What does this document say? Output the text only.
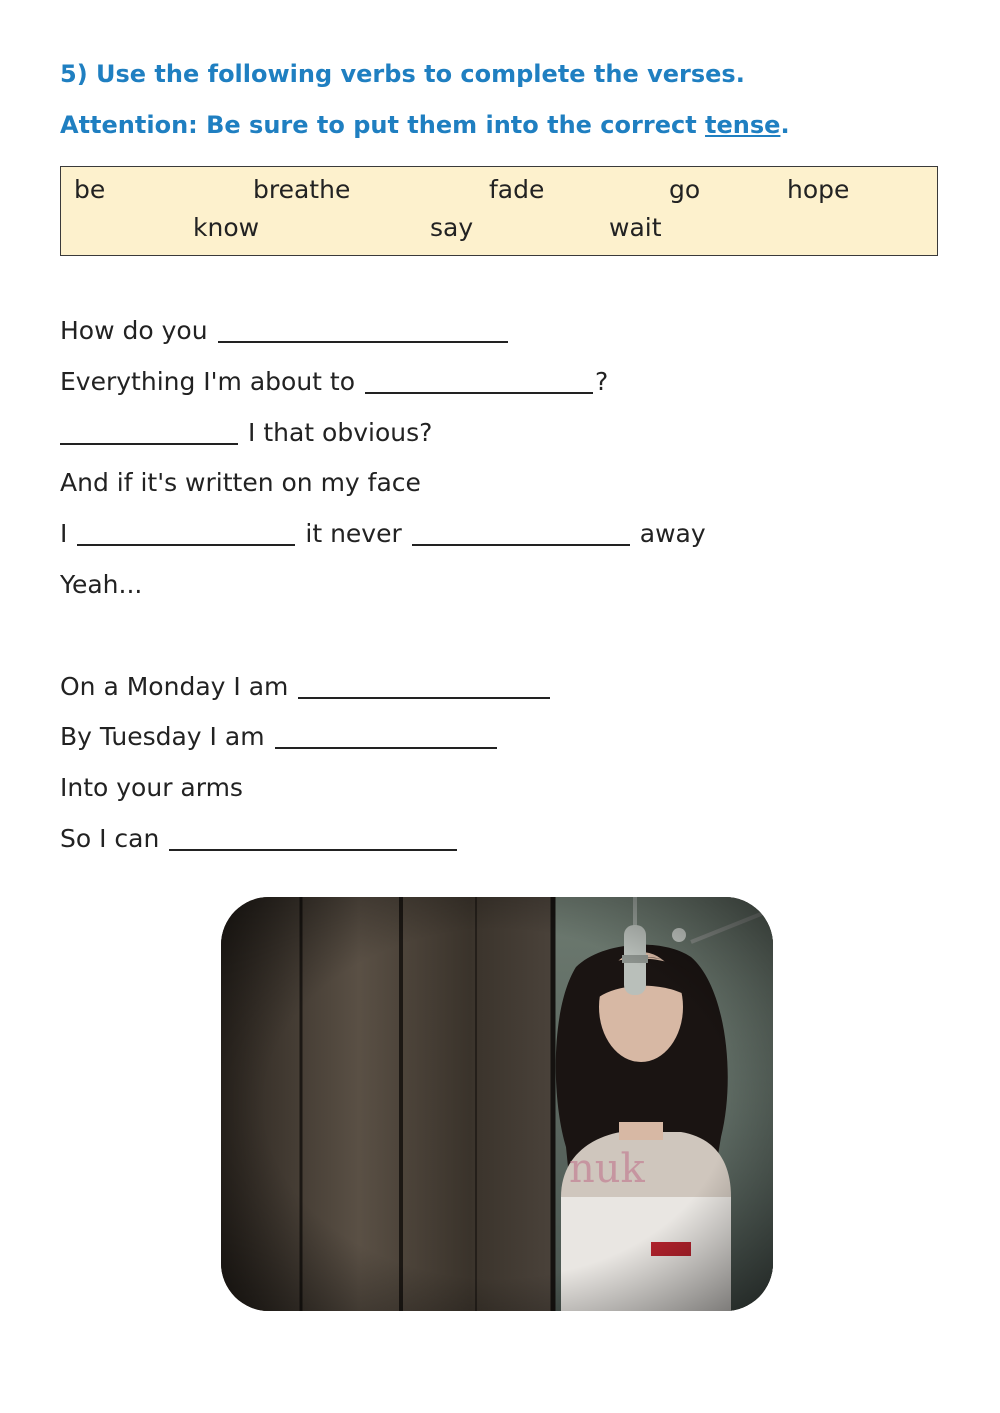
5) Use the following verbs to complete the verses.

Attention: Be sure to put them into the correct tense.

be	breathe	fade	go	hope
know	say	wait
How do you
Everything I'm about to	?
I that obvious?
And if it's written on my face
I	it never	away
Yeah...
On a Monday I am
By Tuesday I am
Into your arms
So I can
